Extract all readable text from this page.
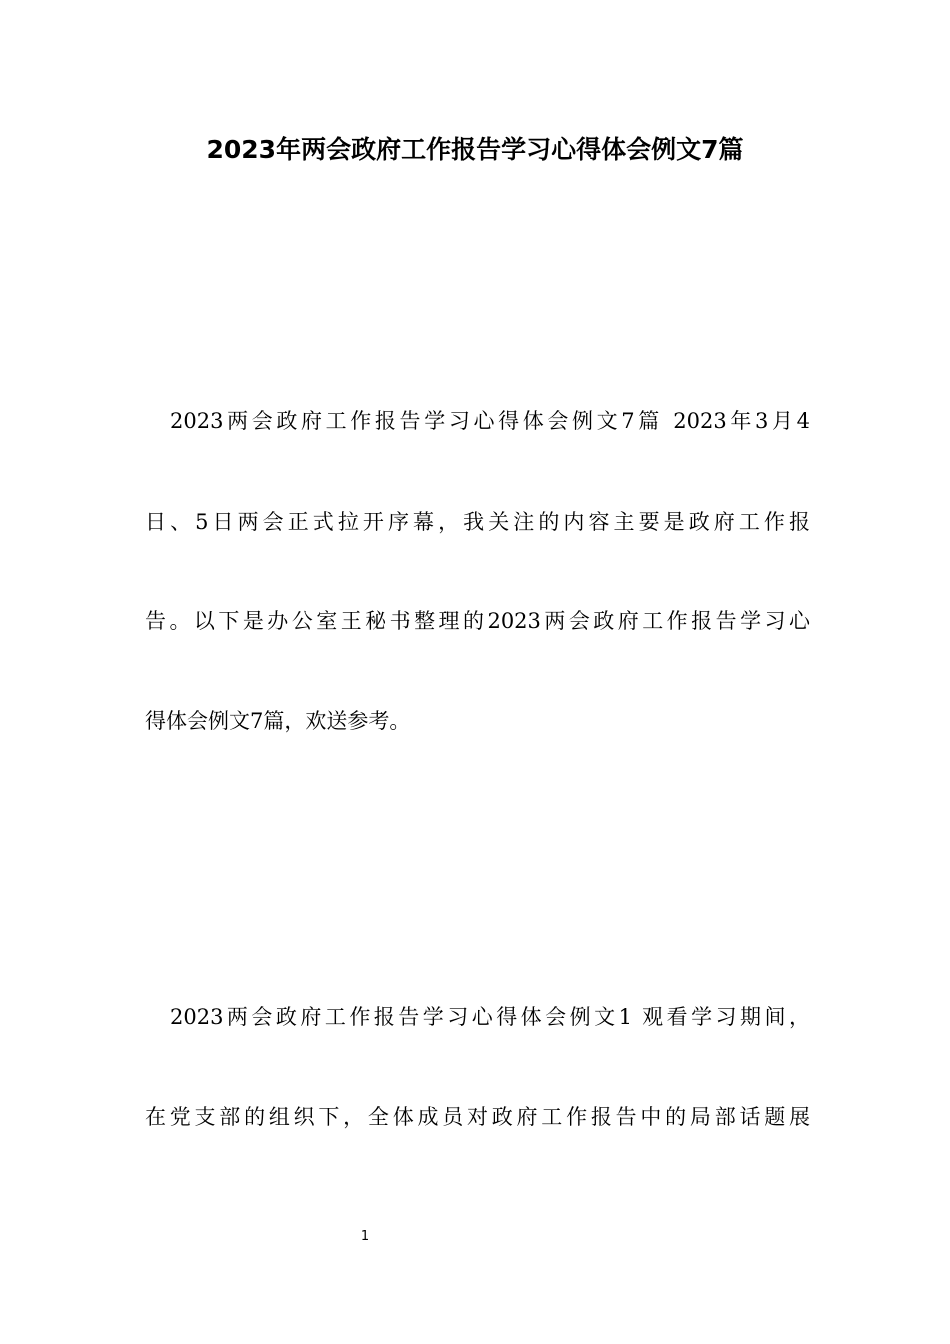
2023年两会政府工作报告学习心得体会例文7篇

2023两会政府工作报告学习心得体会例文7篇 2023年3月4

日、5日两会正式拉开序幕，我关注的内容主要是政府工作报

告。以下是办公室王秘书整理的2023两会政府工作报告学习心

得体会例文7篇，欢送参考。

2023两会政府工作报告学习心得体会例文1 观看学习期间，

在党支部的组织下，全体成员对政府工作报告中的局部话题展

1
